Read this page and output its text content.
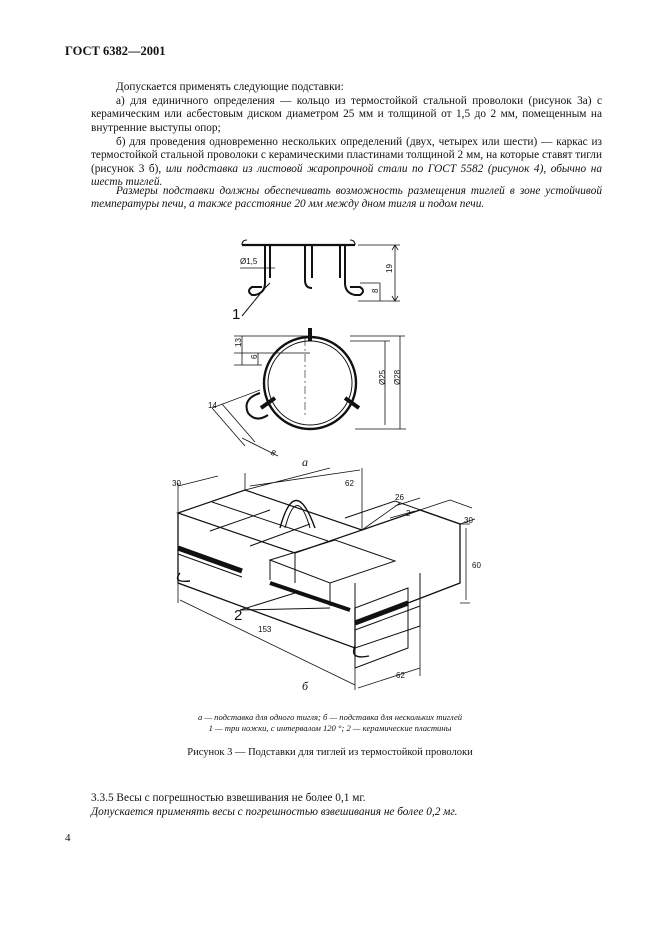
ГОСТ 6382—2001
Допускается применять следующие подставки:
а) для единичного определения — кольцо из термостойкой стальной проволоки (рисунок 3а) с керамическим или асбестовым диском диаметром 25 мм и толщиной от 1,5 до 2 мм, помещенным на внутренние выступы опор;
б) для проведения одновременно нескольких определений (двух, четырех или шести) — каркас из термостойкой стальной проволоки с керамическими пластинами толщиной 2 мм, на которые ставят тигли (рисунок 3 б), или подставка из листовой жаропрочной стали по ГОСТ 5582 (рисунок 4), обычно на шесть тиглей.
Размеры подставки должны обеспечивать возможность размещения тиглей в зоне устойчивой температуры печи, а также расстояние 20 мм между дном тигля и подом печи.
19
8
Ø1,5
1
13
6
Ø25 Ø28
14
8
а
30	62
26
2
30
60
153
62
2
б
а — подставка для одного тигля; б — подставка для нескольких тиглей
1 — три ножки, с интервалом 120 °; 2 — керамические пластины
Рисунок 3 — Подставки для тиглей из термостойкой проволоки
3.3.5 Весы с погрешностью взвешивания не более 0,1 мг.
Допускается применять весы с погрешностью взвешивания не более 0,2 мг.
4
